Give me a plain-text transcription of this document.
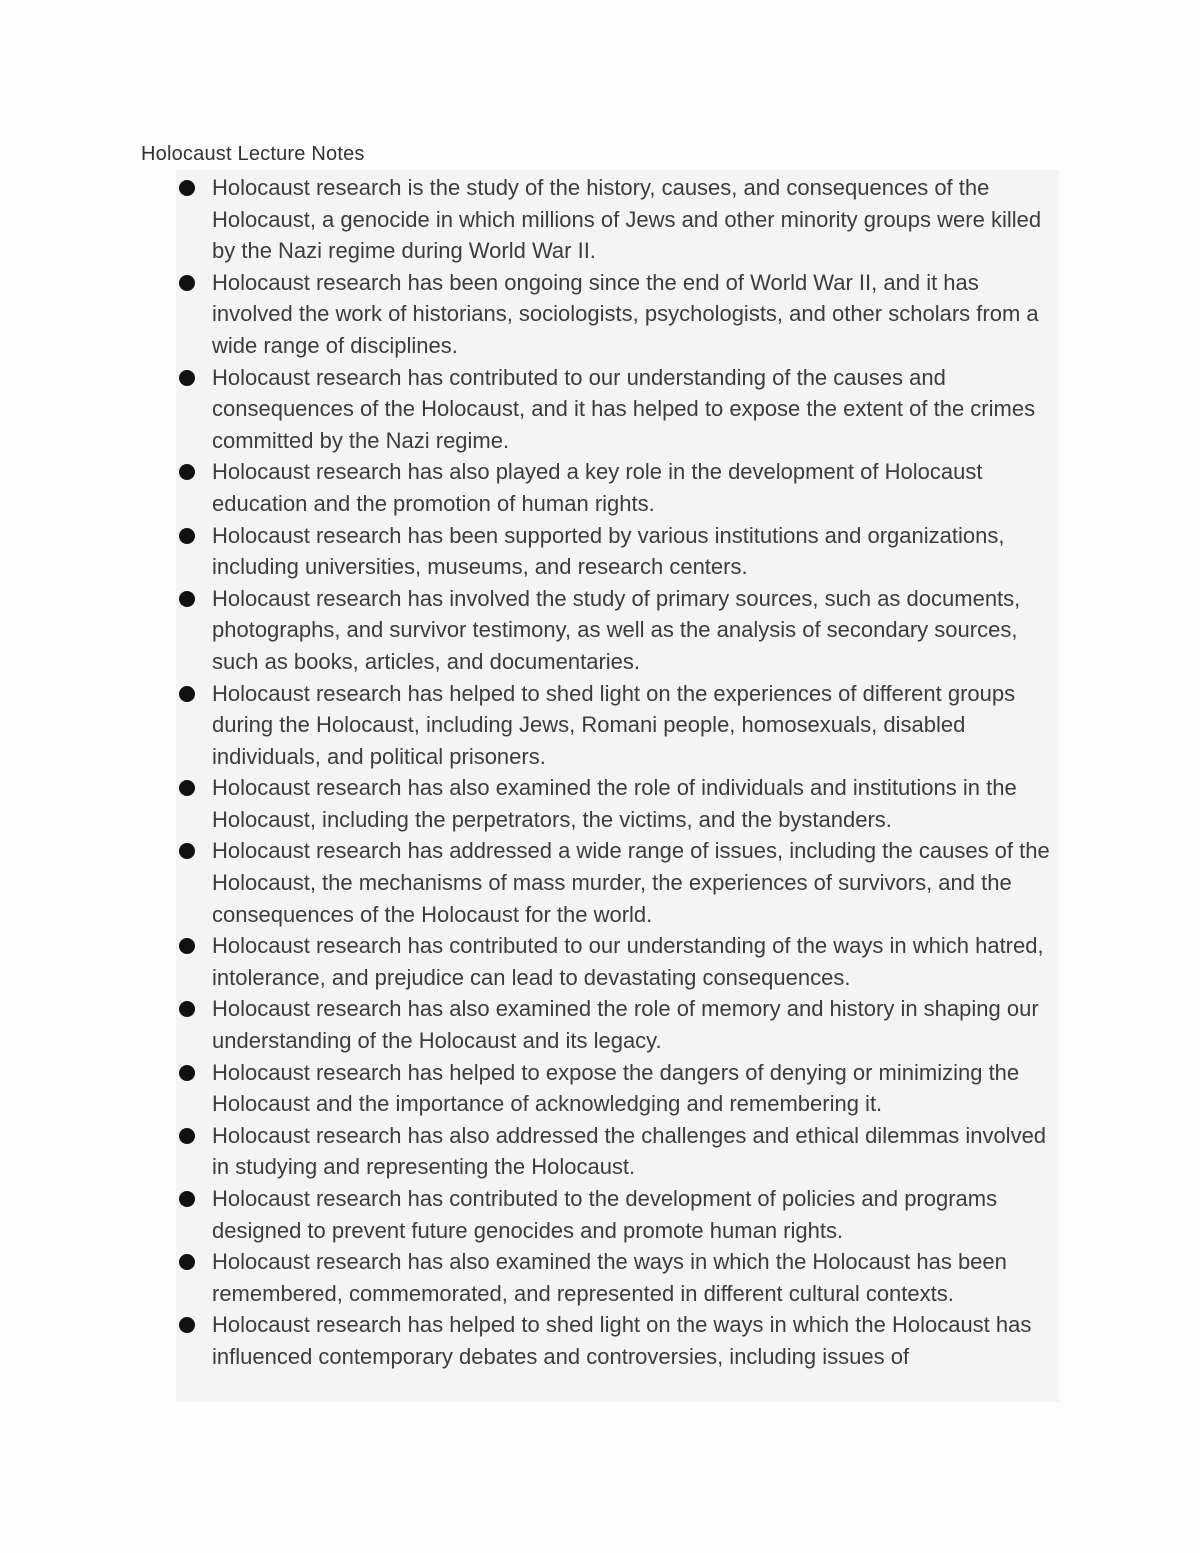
Holocaust Lecture Notes
Holocaust research is the study of the history, causes, and consequences of the Holocaust, a genocide in which millions of Jews and other minority groups were killed by the Nazi regime during World War II.
Holocaust research has been ongoing since the end of World War II, and it has involved the work of historians, sociologists, psychologists, and other scholars from a wide range of disciplines.
Holocaust research has contributed to our understanding of the causes and consequences of the Holocaust, and it has helped to expose the extent of the crimes committed by the Nazi regime.
Holocaust research has also played a key role in the development of Holocaust education and the promotion of human rights.
Holocaust research has been supported by various institutions and organizations, including universities, museums, and research centers.
Holocaust research has involved the study of primary sources, such as documents, photographs, and survivor testimony, as well as the analysis of secondary sources, such as books, articles, and documentaries.
Holocaust research has helped to shed light on the experiences of different groups during the Holocaust, including Jews, Romani people, homosexuals, disabled individuals, and political prisoners.
Holocaust research has also examined the role of individuals and institutions in the Holocaust, including the perpetrators, the victims, and the bystanders.
Holocaust research has addressed a wide range of issues, including the causes of the Holocaust, the mechanisms of mass murder, the experiences of survivors, and the consequences of the Holocaust for the world.
Holocaust research has contributed to our understanding of the ways in which hatred, intolerance, and prejudice can lead to devastating consequences.
Holocaust research has also examined the role of memory and history in shaping our understanding of the Holocaust and its legacy.
Holocaust research has helped to expose the dangers of denying or minimizing the Holocaust and the importance of acknowledging and remembering it.
Holocaust research has also addressed the challenges and ethical dilemmas involved in studying and representing the Holocaust.
Holocaust research has contributed to the development of policies and programs designed to prevent future genocides and promote human rights.
Holocaust research has also examined the ways in which the Holocaust has been remembered, commemorated, and represented in different cultural contexts.
Holocaust research has helped to shed light on the ways in which the Holocaust has influenced contemporary debates and controversies, including issues of
